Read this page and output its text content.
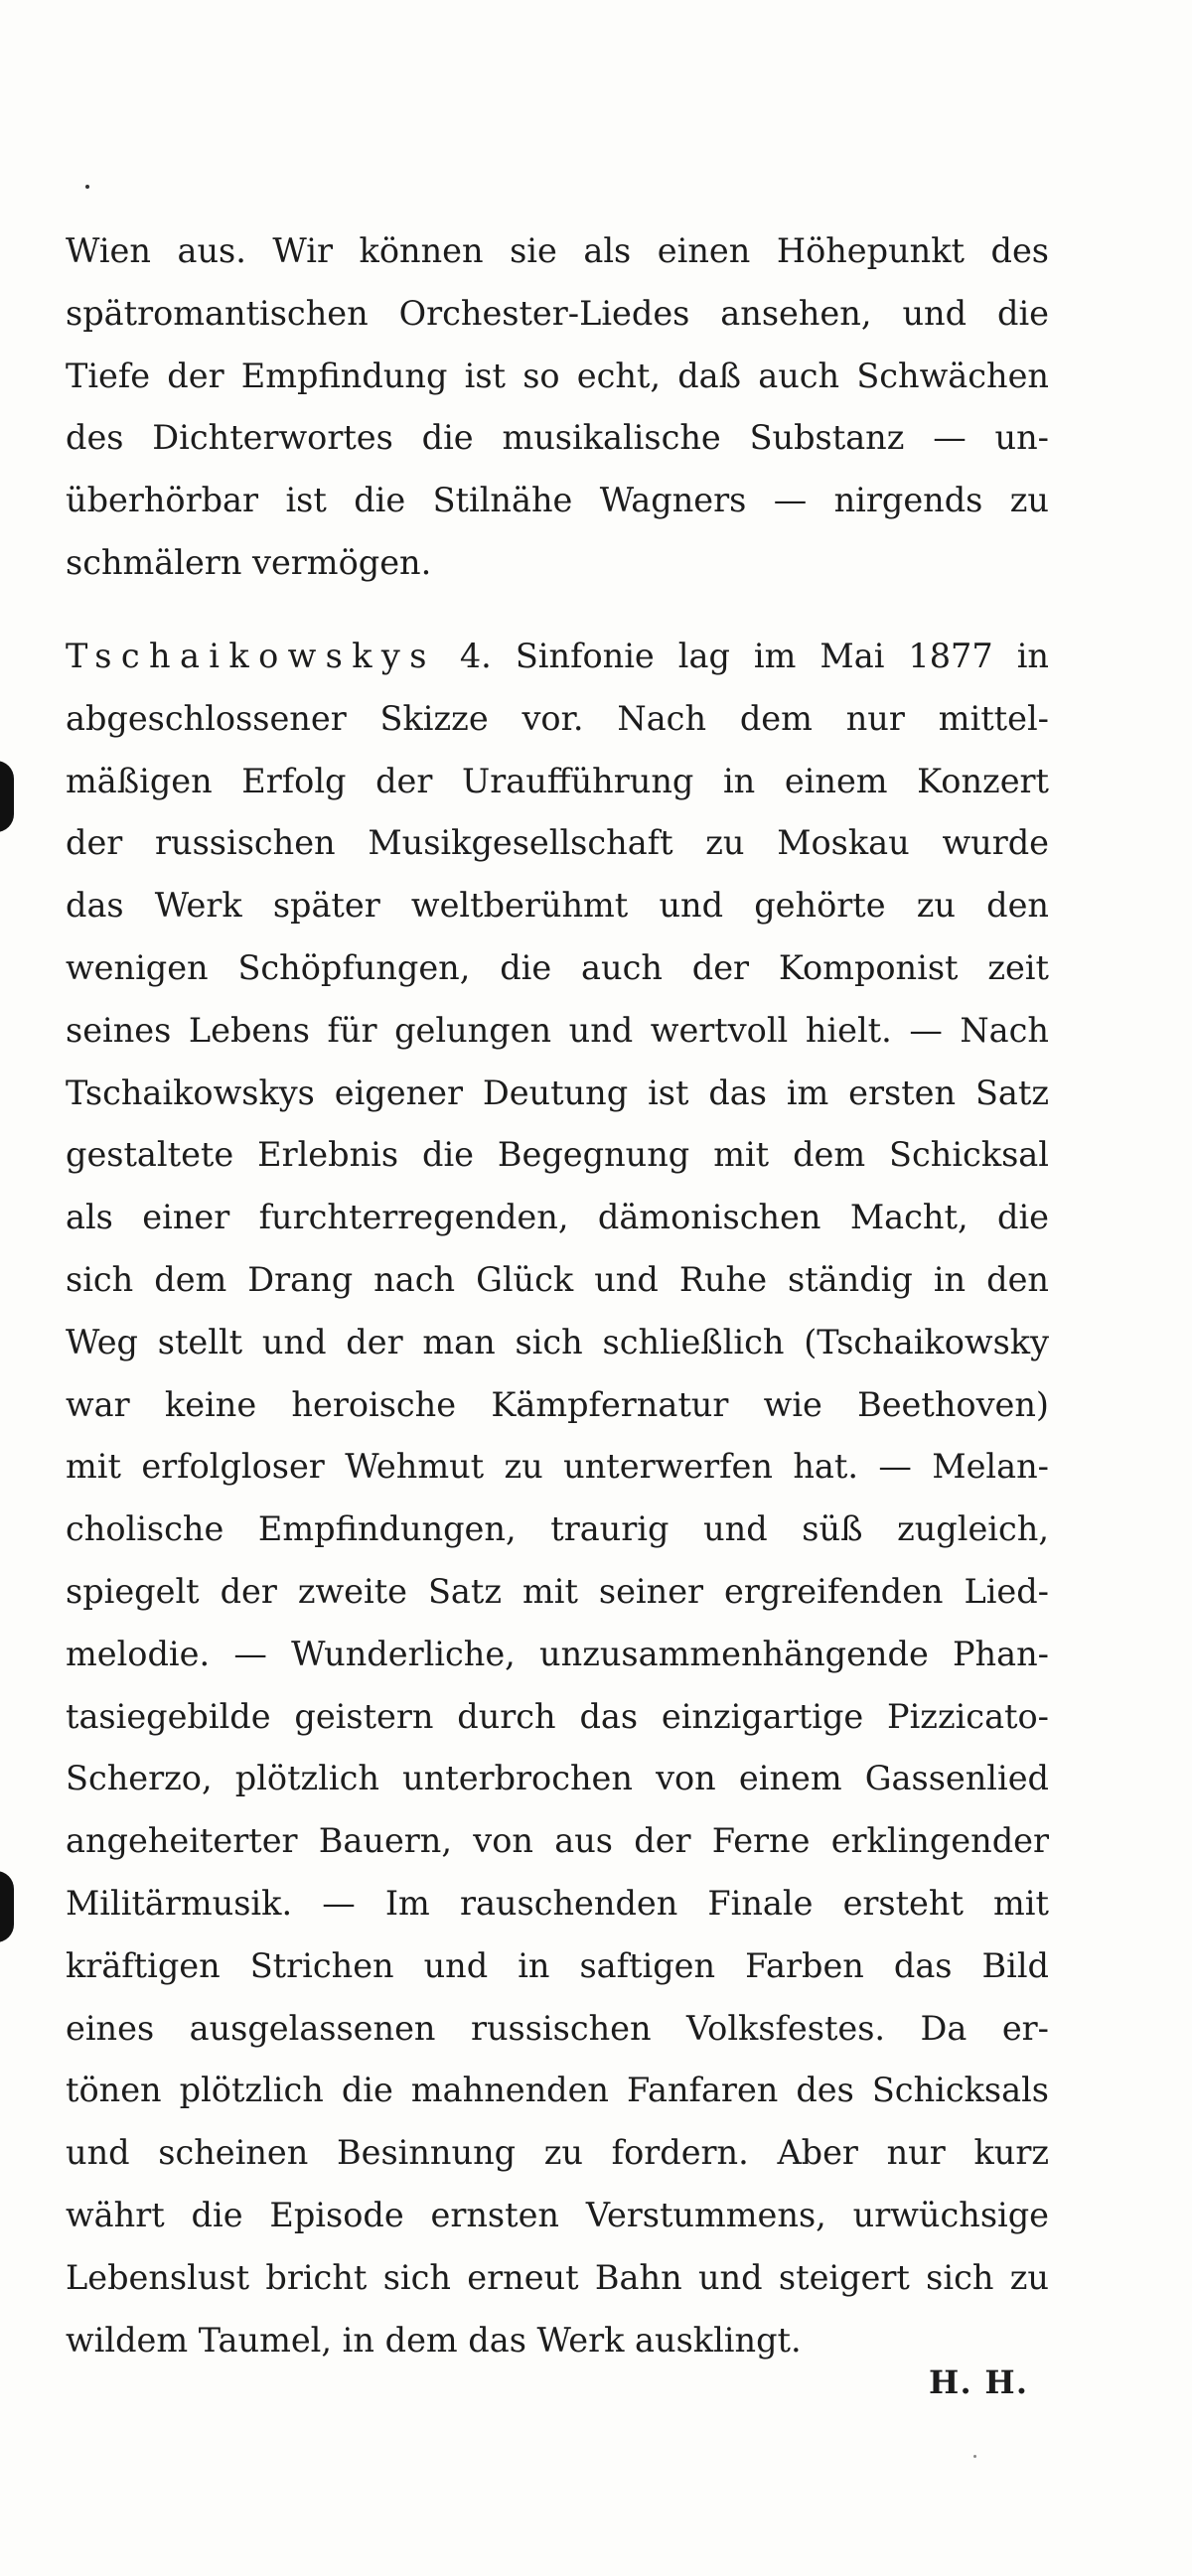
Wien aus. Wir können sie als einen Höhepunkt des
spätromantischen Orchester-Liedes ansehen, und die
Tiefe der Empfindung ist so echt, daß auch Schwächen
des Dichterwortes die musikalische Substanz — un-
überhörbar ist die Stilnähe Wagners — nirgends zu
schmälern vermögen.
Tschaikowskys 4. Sinfonie lag im Mai 1877 in
abgeschlossener Skizze vor. Nach dem nur mittel-
mäßigen Erfolg der Uraufführung in einem Konzert
der russischen Musikgesellschaft zu Moskau wurde
das Werk später weltberühmt und gehörte zu den
wenigen Schöpfungen, die auch der Komponist zeit
seines Lebens für gelungen und wertvoll hielt. — Nach
Tschaikowskys eigener Deutung ist das im ersten Satz
gestaltete Erlebnis die Begegnung mit dem Schicksal
als einer furchterregenden, dämonischen Macht, die
sich dem Drang nach Glück und Ruhe ständig in den
Weg stellt und der man sich schließlich (Tschaikowsky
war keine heroische Kämpfernatur wie Beethoven)
mit erfolgloser Wehmut zu unterwerfen hat. — Melan-
cholische Empfindungen, traurig und süß zugleich,
spiegelt der zweite Satz mit seiner ergreifenden Lied-
melodie. — Wunderliche, unzusammenhängende Phan-
tasiegebilde geistern durch das einzigartige Pizzicato-
Scherzo, plötzlich unterbrochen von einem Gassenlied
angeheiterter Bauern, von aus der Ferne erklingender
Militärmusik. — Im rauschenden Finale ersteht mit
kräftigen Strichen und in saftigen Farben das Bild
eines ausgelassenen russischen Volksfestes. Da er-
tönen plötzlich die mahnenden Fanfaren des Schicksals
und scheinen Besinnung zu fordern. Aber nur kurz
währt die Episode ernsten Verstummens, urwüchsige
Lebenslust bricht sich erneut Bahn und steigert sich zu
wildem Taumel, in dem das Werk ausklingt.
H. H.
